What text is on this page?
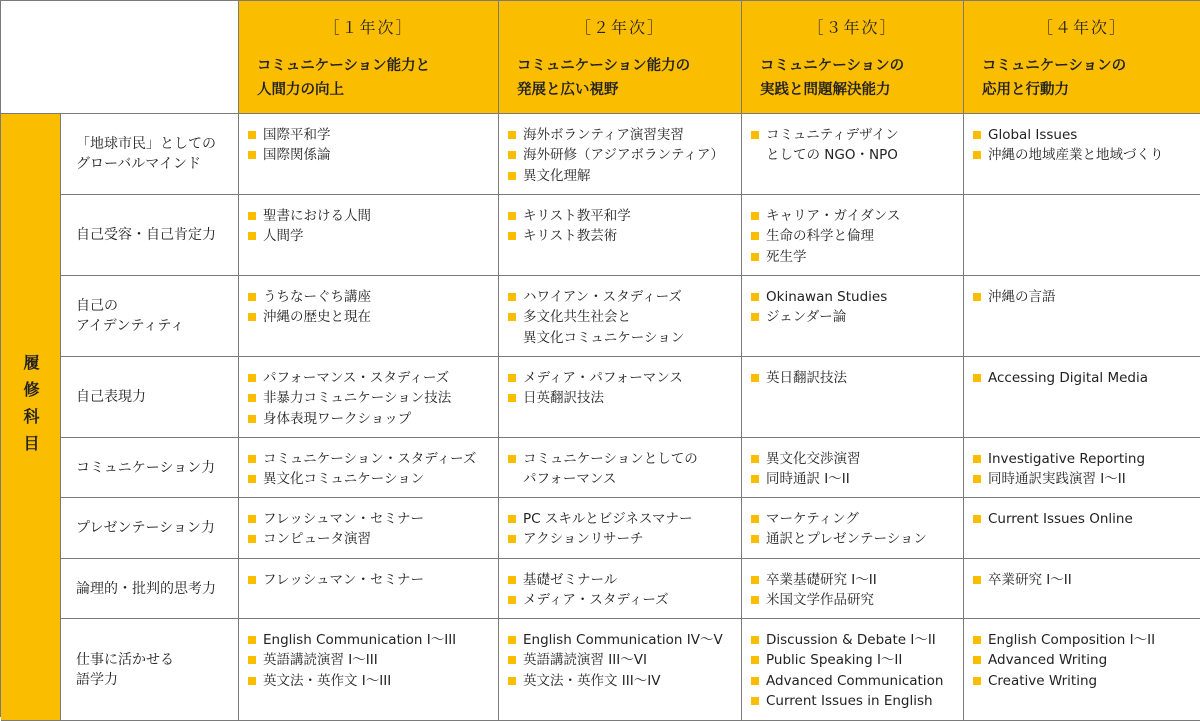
［１年次］
コミュニケーション能力と
人間力の向上
［２年次］
コミュニケーション能力の
発展と広い視野
［３年次］
コミュニケーションの
実践と問題解決能力
［４年次］
コミュニケーションの
応用と行動力
履修科目
「地球市民」としての
グローバルマインド
国際平和学
国際関係論
海外ボランティア演習実習
海外研修（アジアボランティア）
異文化理解
コミュニティデザイン
としての NGO・NPO
Global Issues
沖縄の地域産業と地域づくり
自己受容・自己肯定力
聖書における人間
人間学
キリスト教平和学
キリスト教芸術
キャリア・ガイダンス
生命の科学と倫理
死生学
自己の
アイデンティティ
うちなーぐち講座
沖縄の歴史と現在
ハワイアン・スタディーズ
多文化共生社会と
異文化コミュニケーション
Okinawan Studies
ジェンダー論
沖縄の言語
自己表現力
パフォーマンス・スタディーズ
非暴力コミュニケーション技法
身体表現ワークショップ
メディア・パフォーマンス
日英翻訳技法
英日翻訳技法	Accessing Digital Media
コミュニケーション力
コミュニケーション・スタディーズ
異文化コミュニケーション
コミュニケーションとしての
パフォーマンス
異文化交渉演習
同時通訳 I〜II
Investigative Reporting
同時通訳実践演習 I〜II
プレゼンテーション力
フレッシュマン・セミナー
コンピュータ演習
PC スキルとビジネスマナー
アクションリサーチ
マーケティング
通訳とプレゼンテーション
Current Issues Online
論理的・批判的思考力
フレッシュマン・セミナー	基礎ゼミナール
メディア・スタディーズ
卒業基礎研究 I〜II
米国文学作品研究
卒業研究 I〜II
仕事に活かせる
語学力
English Communication I〜III
英語講読演習 I〜III
英文法・英作文 I〜III
English Communication IV〜V
英語講読演習 III〜VI
英文法・英作文 III〜IV
Discussion & Debate I〜II
Public Speaking I〜II
Advanced Communication
Current Issues in English
English Composition I〜II
Advanced Writing
Creative Writing
